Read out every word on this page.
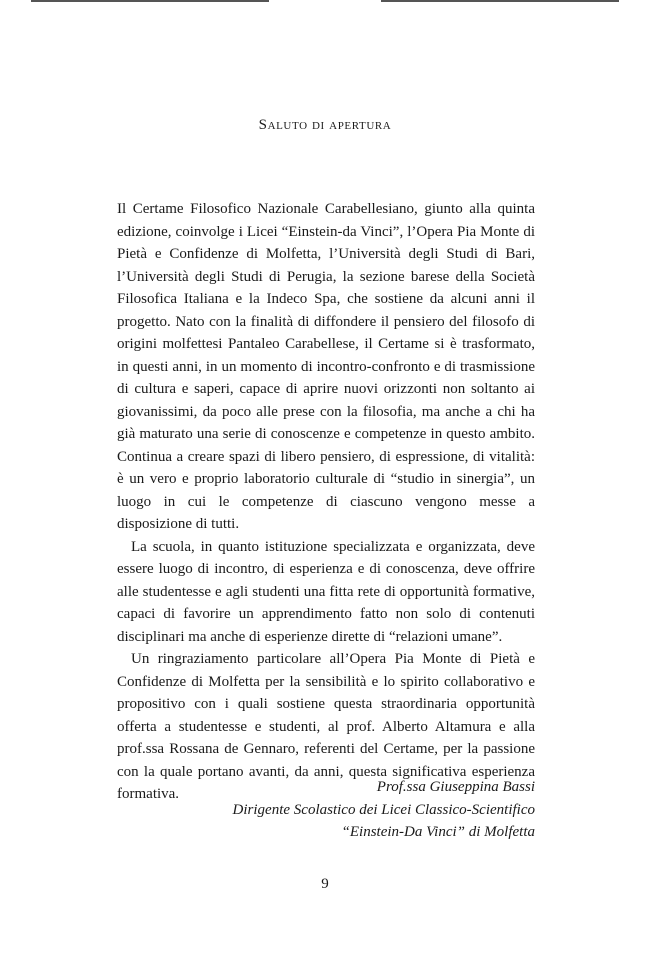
Saluto di apertura

Il Certame Filosofico Nazionale Carabellesiano, giunto alla quinta edizione, coinvolge i Licei “Einstein-da Vinci”, l’Opera Pia Monte di Pietà e Confidenze di Molfetta, l’Università degli Studi di Bari, l’Università degli Studi di Perugia, la sezione barese della Società Filosofica Italiana e la Indeco Spa, che sostiene da alcuni anni il progetto. Nato con la finalità di diffondere il pensiero del filosofo di origini molfettesi Pantaleo Carabellese, il Certame si è trasformato, in questi anni, in un momento di incontro-confronto e di trasmissione di cultura e saperi, capace di aprire nuovi orizzonti non soltanto ai giovanissimi, da poco alle prese con la filosofia, ma anche a chi ha già maturato una serie di conoscenze e competenze in questo ambito. Continua a creare spazi di libero pensiero, di espressione, di vitalità: è un vero e proprio laboratorio culturale di “studio in sinergia”, un luogo in cui le competenze di ciascuno vengono messe a disposizione di tutti.

La scuola, in quanto istituzione specializzata e organizzata, deve essere luogo di incontro, di esperienza e di conoscenza, deve offrire alle studentesse e agli studenti una fitta rete di opportunità formative, capaci di favorire un apprendimento fatto non solo di contenuti disciplinari ma anche di esperienze dirette di “relazioni umane”.

Un ringraziamento particolare all’Opera Pia Monte di Pietà e Confidenze di Molfetta per la sensibilità e lo spirito collaborativo e propositivo con i quali sostiene questa straordinaria opportunità offerta a studentesse e studenti, al prof. Alberto Altamura e alla prof.ssa Rossana de Gennaro, referenti del Certame, per la passione con la quale portano avanti, da anni, questa significativa esperienza formativa.	Prof.ssa Giuseppina Bassi
Dirigente Scolastico dei Licei Classico-Scientifico
“Einstein-Da Vinci” di Molfetta
9
